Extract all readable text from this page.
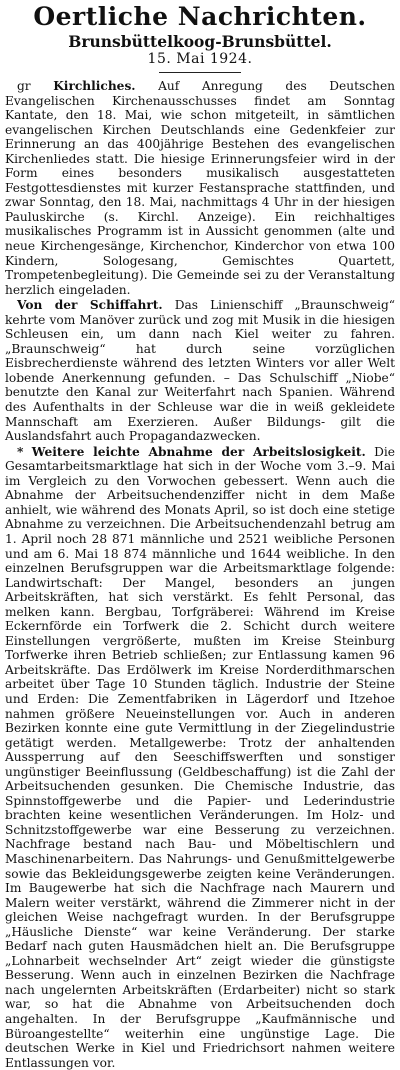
Oertliche Nachrichten.
Brunsbüttelkoog-Brunsbüttel.
15. Mai 1924.

gr Kirchliches. Auf Anregung des Deutschen Evangelischen Kirchenausschusses findet am Sonntag Kantate, den 18. Mai, wie schon mitgeteilt, in sämtlichen evangelischen Kirchen Deutschlands eine Gedenkfeier zur Erinnerung an das 400jährige Bestehen des evangelischen Kirchenliedes statt. Die hiesige Erinnerungsfeier wird in der Form eines besonders musikalisch ausgestatteten Festgottesdienstes mit kurzer Festansprache stattfinden, und zwar Sonntag, den 18. Mai, nachmittags 4 Uhr in der hiesigen Pauluskirche (s. Kirchl. Anzeige). Ein reichhaltiges musikalisches Programm ist in Aussicht genommen (alte und neue Kirchengesänge, Kirchenchor, Kinderchor von etwa 100 Kindern, Sologesang, Gemischtes Quartett, Trompetenbegleitung). Die Gemeinde sei zu der Veranstaltung herzlich eingeladen.

Von der Schiffahrt. Das Linienschiff „Braunschweig“ kehrte vom Manöver zurück und zog mit Musik in die hiesigen Schleusen ein, um dann nach Kiel weiter zu fahren. „Braunschweig“ hat durch seine vorzüglichen Eisbrecherdienste während des letzten Winters vor aller Welt lobende Anerkennung gefunden. – Das Schulschiff „Niobe“ benutzte den Kanal zur Weiterfahrt nach Spanien. Während des Aufenthalts in der Schleuse war die in weiß gekleidete Mannschaft am Exerzieren. Außer Bildungs- gilt die Auslandsfahrt auch Propagandazwecken.

* Weitere leichte Abnahme der Arbeitslosigkeit. Die Gesamtarbeitsmarktlage hat sich in der Woche vom 3.–9. Mai im Vergleich zu den Vorwochen gebessert. Wenn auch die Abnahme der Arbeitsuchendenziffer nicht in dem Maße anhielt, wie während des Monats April, so ist doch eine stetige Abnahme zu verzeichnen. Die Arbeitsuchendenzahl betrug am 1. April noch 28 871 männliche und 2521 weibliche Personen und am 6. Mai 18 874 männliche und 1644 weibliche. In den einzelnen Berufsgruppen war die Arbeitsmarktlage folgende: Landwirtschaft: Der Mangel, besonders an jungen Arbeitskräften, hat sich verstärkt. Es fehlt Personal, das melken kann. Bergbau, Torfgräberei: Während im Kreise Eckernförde ein Torfwerk die 2. Schicht durch weitere Einstellungen vergrößerte, mußten im Kreise Steinburg Torfwerke ihren Betrieb schließen; zur Entlassung kamen 96 Arbeitskräfte. Das Erdölwerk im Kreise Norderdithmarschen arbeitet über Tage 10 Stunden täglich. Industrie der Steine und Erden: Die Zementfabriken in Lägerdorf und Itzehoe nahmen größere Neueinstellungen vor. Auch in anderen Bezirken konnte eine gute Vermittlung in der Ziegelindustrie getätigt werden. Metallgewerbe: Trotz der anhaltenden Aussperrung auf den Seeschiffswerften und sonstiger ungünstiger Beeinflussung (Geldbeschaffung) ist die Zahl der Arbeitsuchenden gesunken. Die Chemische Industrie, das Spinnstoffgewerbe und die Papier- und Lederindustrie brachten keine wesentlichen Veränderungen. Im Holz- und Schnitzstoffgewerbe war eine Besserung zu verzeichnen. Nachfrage bestand nach Bau- und Möbeltischlern und Maschinenarbeitern. Das Nahrungs- und Genußmittelgewerbe sowie das Bekleidungsgewerbe zeigten keine Veränderungen. Im Baugewerbe hat sich die Nachfrage nach Maurern und Malern weiter verstärkt, während die Zimmerer nicht in der gleichen Weise nachgefragt wurden. In der Berufsgruppe „Häusliche Dienste“ war keine Veränderung. Der starke Bedarf nach guten Hausmädchen hielt an. Die Berufsgruppe „Lohnarbeit wechselnder Art“ zeigt wieder die günstigste Besserung. Wenn auch in einzelnen Bezirken die Nachfrage nach ungelernten Arbeitskräften (Erdarbeiter) nicht so stark war, so hat die Abnahme von Arbeitsuchenden doch angehalten. In der Berufsgruppe „Kaufmännische und Büroangestellte“ weiterhin eine ungünstige Lage. Die deutschen Werke in Kiel und Friedrichsort nahmen weitere Entlassungen vor.
